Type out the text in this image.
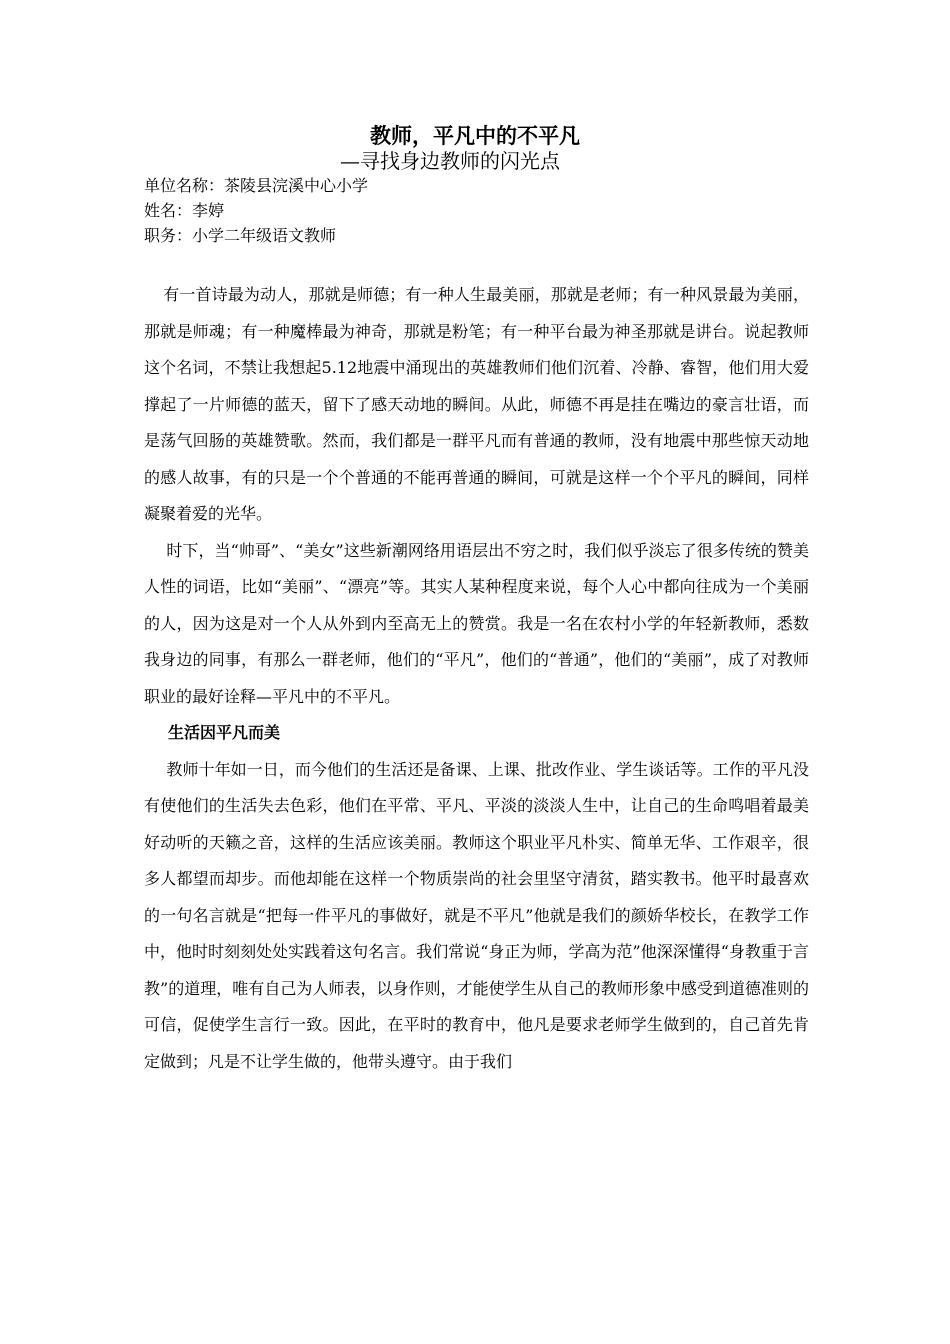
教师，平凡中的不平凡

—寻找身边教师的闪光点

单位名称：茶陵县浣溪中心小学

姓名：李婷

职务：小学二年级语文教师

有一首诗最为动人，那就是师德；有一种人生最美丽，那就是老师；有一种风景最为美丽，那就是师魂；有一种魔棒最为神奇，那就是粉笔；有一种平台最为神圣那就是讲台。说起教师这个名词，不禁让我想起5.12地震中涌现出的英雄教师们他们沉着、冷静、睿智，他们用大爱撑起了一片师德的蓝天，留下了感天动地的瞬间。从此，师德不再是挂在嘴边的豪言壮语，而是荡气回肠的英雄赞歌。然而，我们都是一群平凡而有普通的教师，没有地震中那些惊天动地的感人故事，有的只是一个个普通的不能再普通的瞬间，可就是这样一个个平凡的瞬间，同样凝聚着爱的光华。

时下，当“帅哥”、“美女”这些新潮网络用语层出不穷之时，我们似乎淡忘了很多传统的赞美人性的词语，比如“美丽”、“漂亮”等。其实人某种程度来说，每个人心中都向往成为一个美丽的人，因为这是对一个人从外到内至高无上的赞赏。我是一名在农村小学的年轻新教师，悉数我身边的同事，有那么一群老师，他们的“平凡”，他们的“普通”，他们的“美丽”，成了对教师职业的最好诠释—平凡中的不平凡。

生活因平凡而美

教师十年如一日，而今他们的生活还是备课、上课、批改作业、学生谈话等。工作的平凡没有使他们的生活失去色彩，他们在平常、平凡、平淡的淡淡人生中，让自己的生命鸣唱着最美好动听的天籁之音，这样的生活应该美丽。教师这个职业平凡朴实、简单无华、工作艰辛，很多人都望而却步。而他却能在这样一个物质崇尚的社会里坚守清贫，踏实教书。他平时最喜欢的一句名言就是“把每一件平凡的事做好，就是不平凡”他就是我们的颜娇华校长，在教学工作中，他时时刻刻处处实践着这句名言。我们常说“身正为师，学高为范”他深深懂得“身教重于言教”的道理，唯有自己为人师表，以身作则，才能使学生从自己的教师形象中感受到道德准则的可信，促使学生言行一致。因此，在平时的教育中，他凡是要求老师学生做到的，自己首先肯定做到；凡是不让学生做的，他带头遵守。由于我们
